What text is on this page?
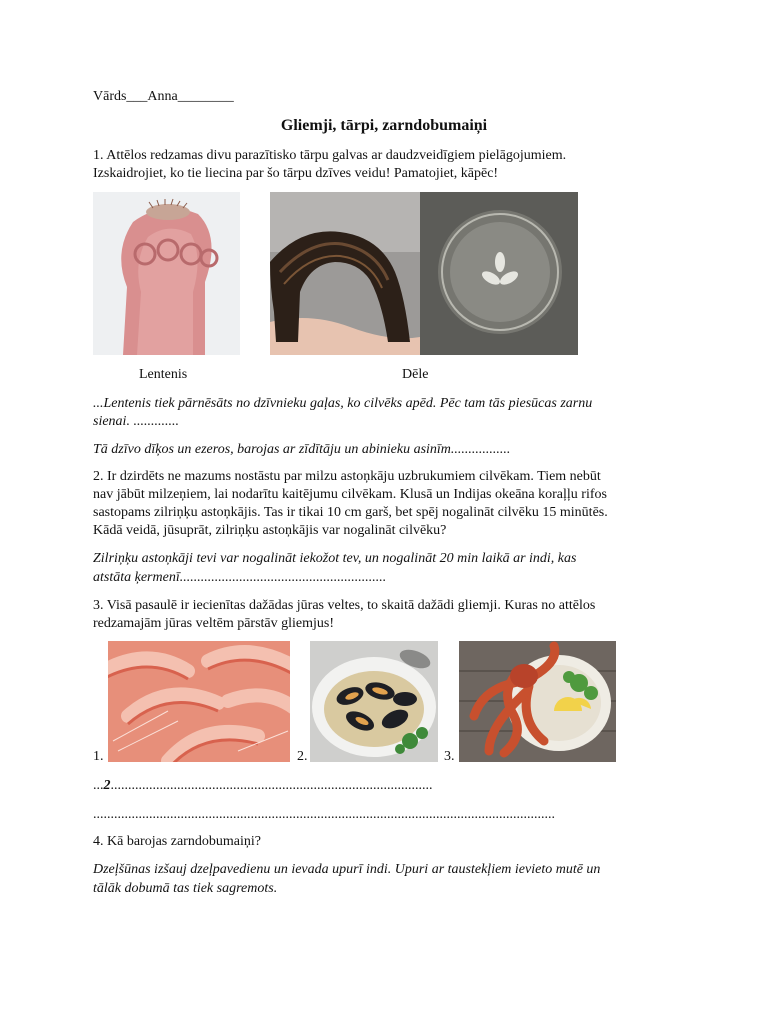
Vārds___Anna________
Gliemji, tārpi, zarndobumaiņi
1. Attēlos redzamas divu parazītisko tārpu galvas ar daudzveidīgiem pielāgojumiem.
Izskaidrojiet, ko tie liecina par šo tārpu dzīves veidu! Pamatojiet, kāpēc!
Lentenis	Dēle
...Lentenis tiek pārnēsāts no dzīvnieku gaļas, ko cilvēks apēd. Pēc tam tās piesūcas zarnu
sienai. .............
Tā dzīvo dīķos un ezeros, barojas ar zīdītāju un abinieku asinīm.................
2. Ir dzirdēts ne mazums nostāstu par milzu astoņkāju uzbrukumiem cilvēkam. Tiem nebūt
nav jābūt milzeņiem, lai nodarītu kaitējumu cilvēkam. Klusā un Indijas okeāna koraļļu rifos
sastopams zilriņķu astoņkājis. Tas ir tikai 10 cm garš, bet spēj nogalināt cilvēku 15 minūtēs.
Kādā veidā, jūsuprāt, zilriņķu astoņkājis var nogalināt cilvēku?
Zilriņķu astoņkāji tevi var nogalināt iekožot tev, un nogalināt 20 min laikā ar indi, kas
atstāta ķermenī...........................................................
3. Visā pasaulē ir iecienītas dažādas jūras veltes, to skaitā dažādi gliemji. Kuras no attēlos
redzamajām jūras veltēm pārstāv gliemjus!
1.	2.	3.
...2............................................................................................
....................................................................................................................................
4. Kā barojas zarndobumaiņi?
Dzeļšūnas izšauj dzeļpavedienu un ievada upurī indi. Upuri ar taustekļiem ievieto mutē un
tālāk dobumā tas tiek sagremots.
